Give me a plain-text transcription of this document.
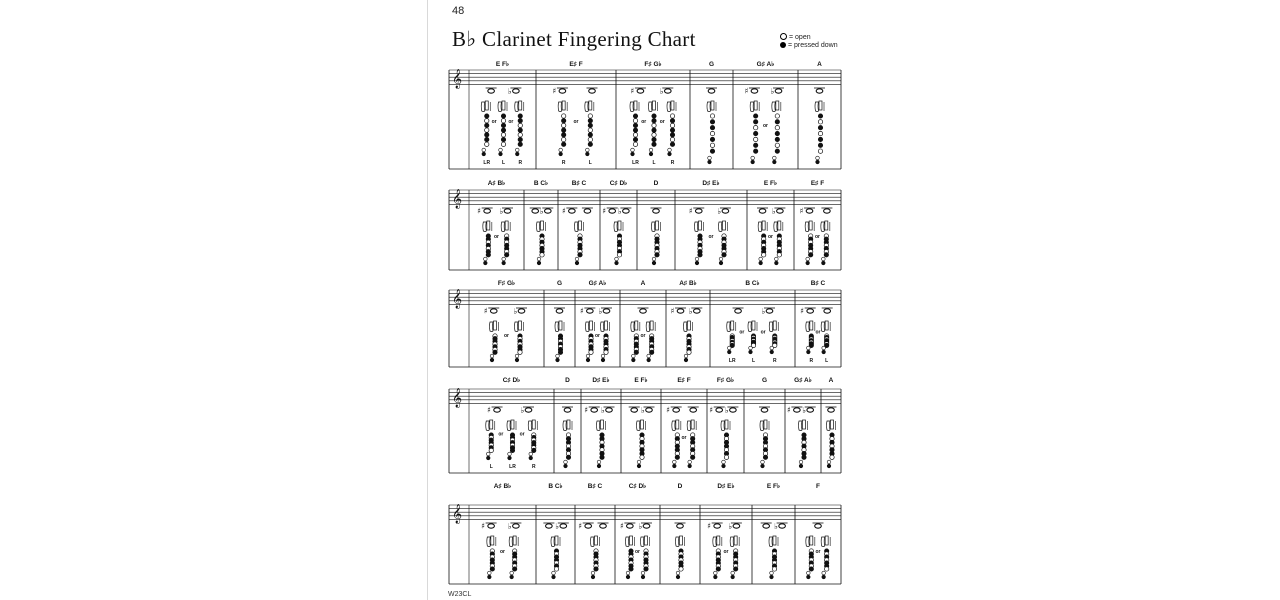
48
B♭ Clarinet Fingering Chart	= open
= pressed down
E F♭	E♯ F	F♯ G♭	G	G♯ A♭	A
𝄞
♭
or or
LR L	R
♯
or
R	L
♯	♭
or	or
LR	L	R
♯	♭
or
A♯ B♭	B C♭	B♯ C	C♯ D♭	D	D♯ E♭	E F♭	E♯ F
𝄞
♯ ♭
or
♭ ♯	♯ ♭	♯	♭
or
♭
or
♯
or
F♯ G♭	G	G♯ A♭	A	A♯ B♭	B C♭	B♯ C
𝄞
♯	♭
or
♯ ♭
or	or
♯ ♭	♭
or	or
LR	L	R
♯
or
R L
C♯ D♭	D	D♯ E♭	E F♭	E♯ F	F♯ G♭	G	G♯ A♭	A
𝄞
♯	♭
or	or
L	LR	R
♯ ♭	♭	♯
or
♯ ♭	♯ ♭
A♯ B♭	B C♭	B♯ C	C♯ D♭	D	D♯ E♭	E F♭	F
𝄞
♯	♭
or
♭ ♯	♯ ♭
or
♯ ♭
or
♭
or
W23CL
